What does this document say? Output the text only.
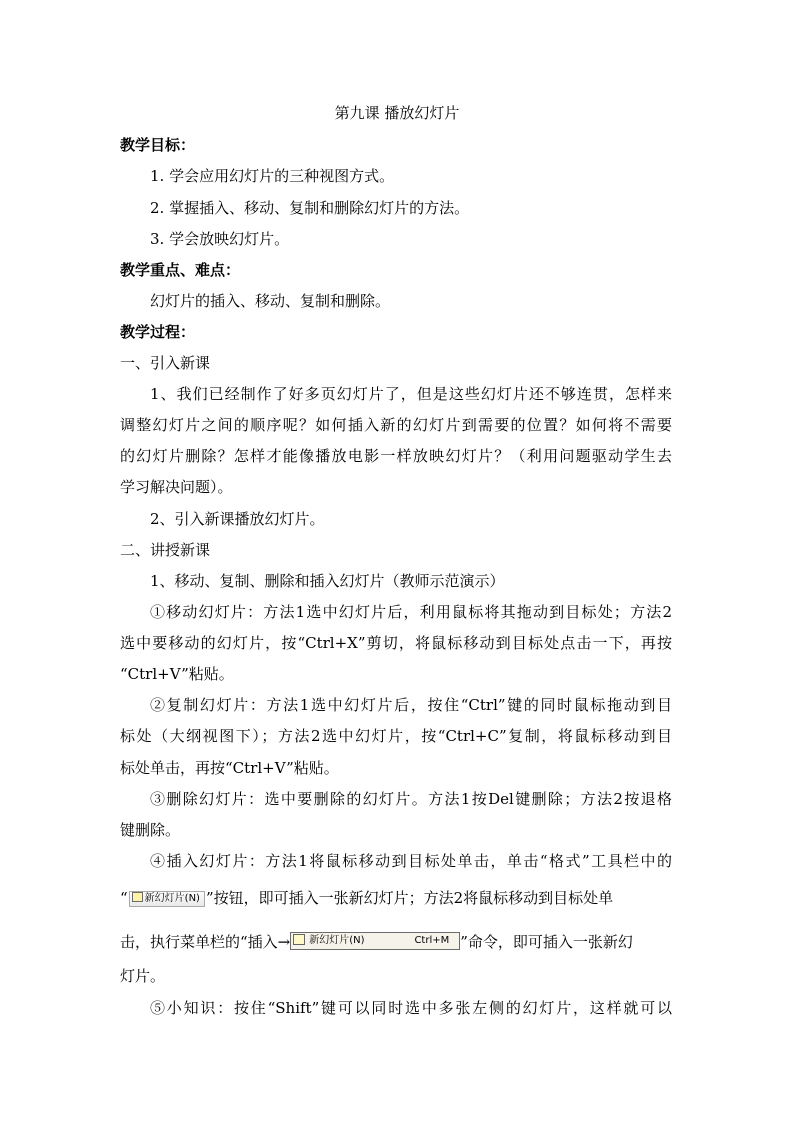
第九课 播放幻灯片
教学目标：
1. 学会应用幻灯片的三种视图方式。
2. 掌握插入、移动、复制和删除幻灯片的方法。
3. 学会放映幻灯片。
教学重点、难点：
幻灯片的插入、移动、复制和删除。
教学过程：
一、引入新课
1、我们已经制作了好多页幻灯片了，但是这些幻灯片还不够连贯，怎样来
调整幻灯片之间的顺序呢？如何插入新的幻灯片到需要的位置？如何将不需要
的幻灯片删除？怎样才能像播放电影一样放映幻灯片？（利用问题驱动学生去
学习解决问题）。
2、引入新课播放幻灯片。
二、讲授新课
1、移动、复制、删除和插入幻灯片（教师示范演示）
①移动幻灯片：方法1选中幻灯片后，利用鼠标将其拖动到目标处；方法2
选中要移动的幻灯片，按“Ctrl+X”剪切，将鼠标移动到目标处点击一下，再按
“Ctrl+V”粘贴。
②复制幻灯片：方法1选中幻灯片后，按住“Ctrl”键的同时鼠标拖动到目
标处（大纲视图下）；方法2选中幻灯片，按“Ctrl+C”复制，将鼠标移动到目
标处单击，再按“Ctrl+V”粘贴。
③删除幻灯片：选中要删除的幻灯片。方法1按Del键删除；方法2按退格
键删除。
④插入幻灯片：方法1将鼠标移动到目标处单击，单击“格式”工具栏中的
“ 新幻灯片(N) ”按钮，即可插入一张新幻灯片；方法2将鼠标移动到目标处单
击，执行菜单栏的“插入→ 新幻灯片(N)	Ctrl+M ”命令，即可插入一张新幻
灯片。
⑤小知识：按住“Shift”键可以同时选中多张左侧的幻灯片，这样就可以
